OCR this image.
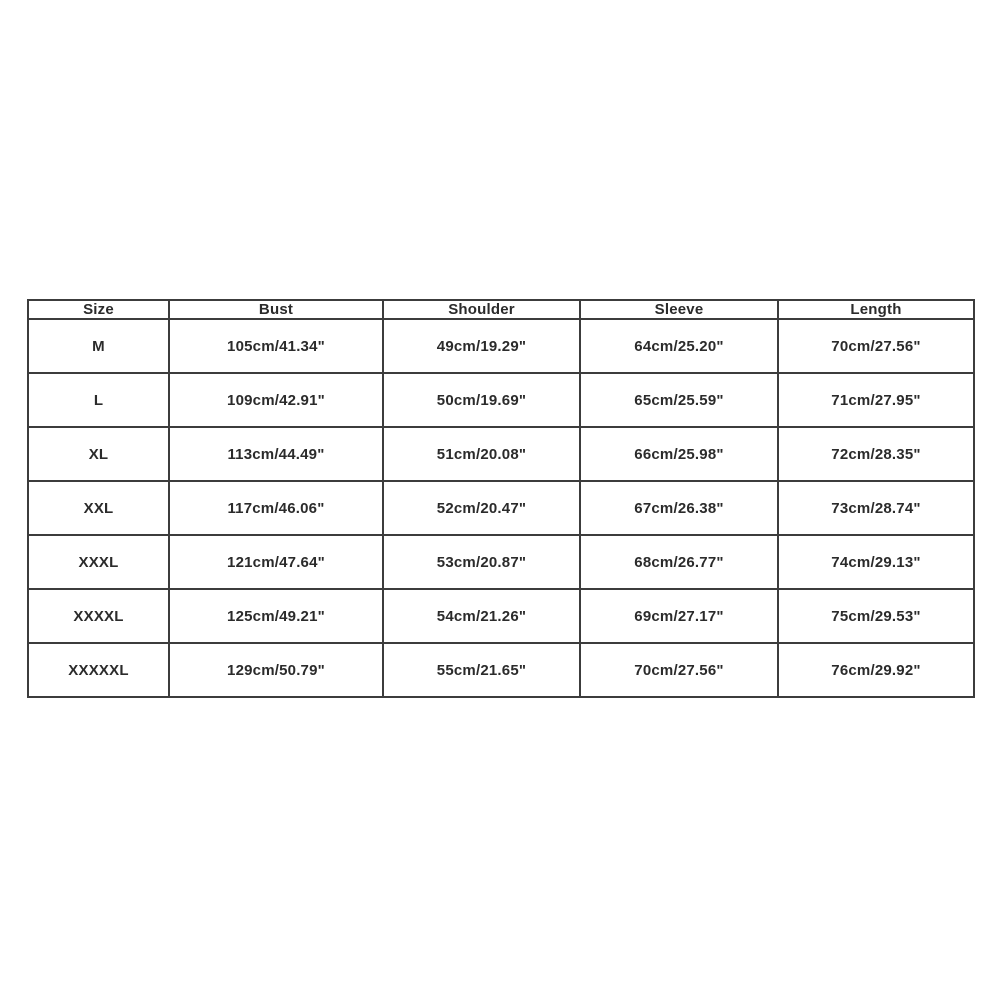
Size	Bust	Shoulder	Sleeve	Length
M	105cm/41.34"	49cm/19.29"	64cm/25.20"	70cm/27.56"
L	109cm/42.91"	50cm/19.69"	65cm/25.59"	71cm/27.95"
XL	113cm/44.49"	51cm/20.08"	66cm/25.98"	72cm/28.35"
XXL	117cm/46.06"	52cm/20.47"	67cm/26.38"	73cm/28.74"
XXXL	121cm/47.64"	53cm/20.87"	68cm/26.77"	74cm/29.13"
XXXXL	125cm/49.21"	54cm/21.26"	69cm/27.17"	75cm/29.53"
XXXXXL	129cm/50.79"	55cm/21.65"	70cm/27.56"	76cm/29.92"
